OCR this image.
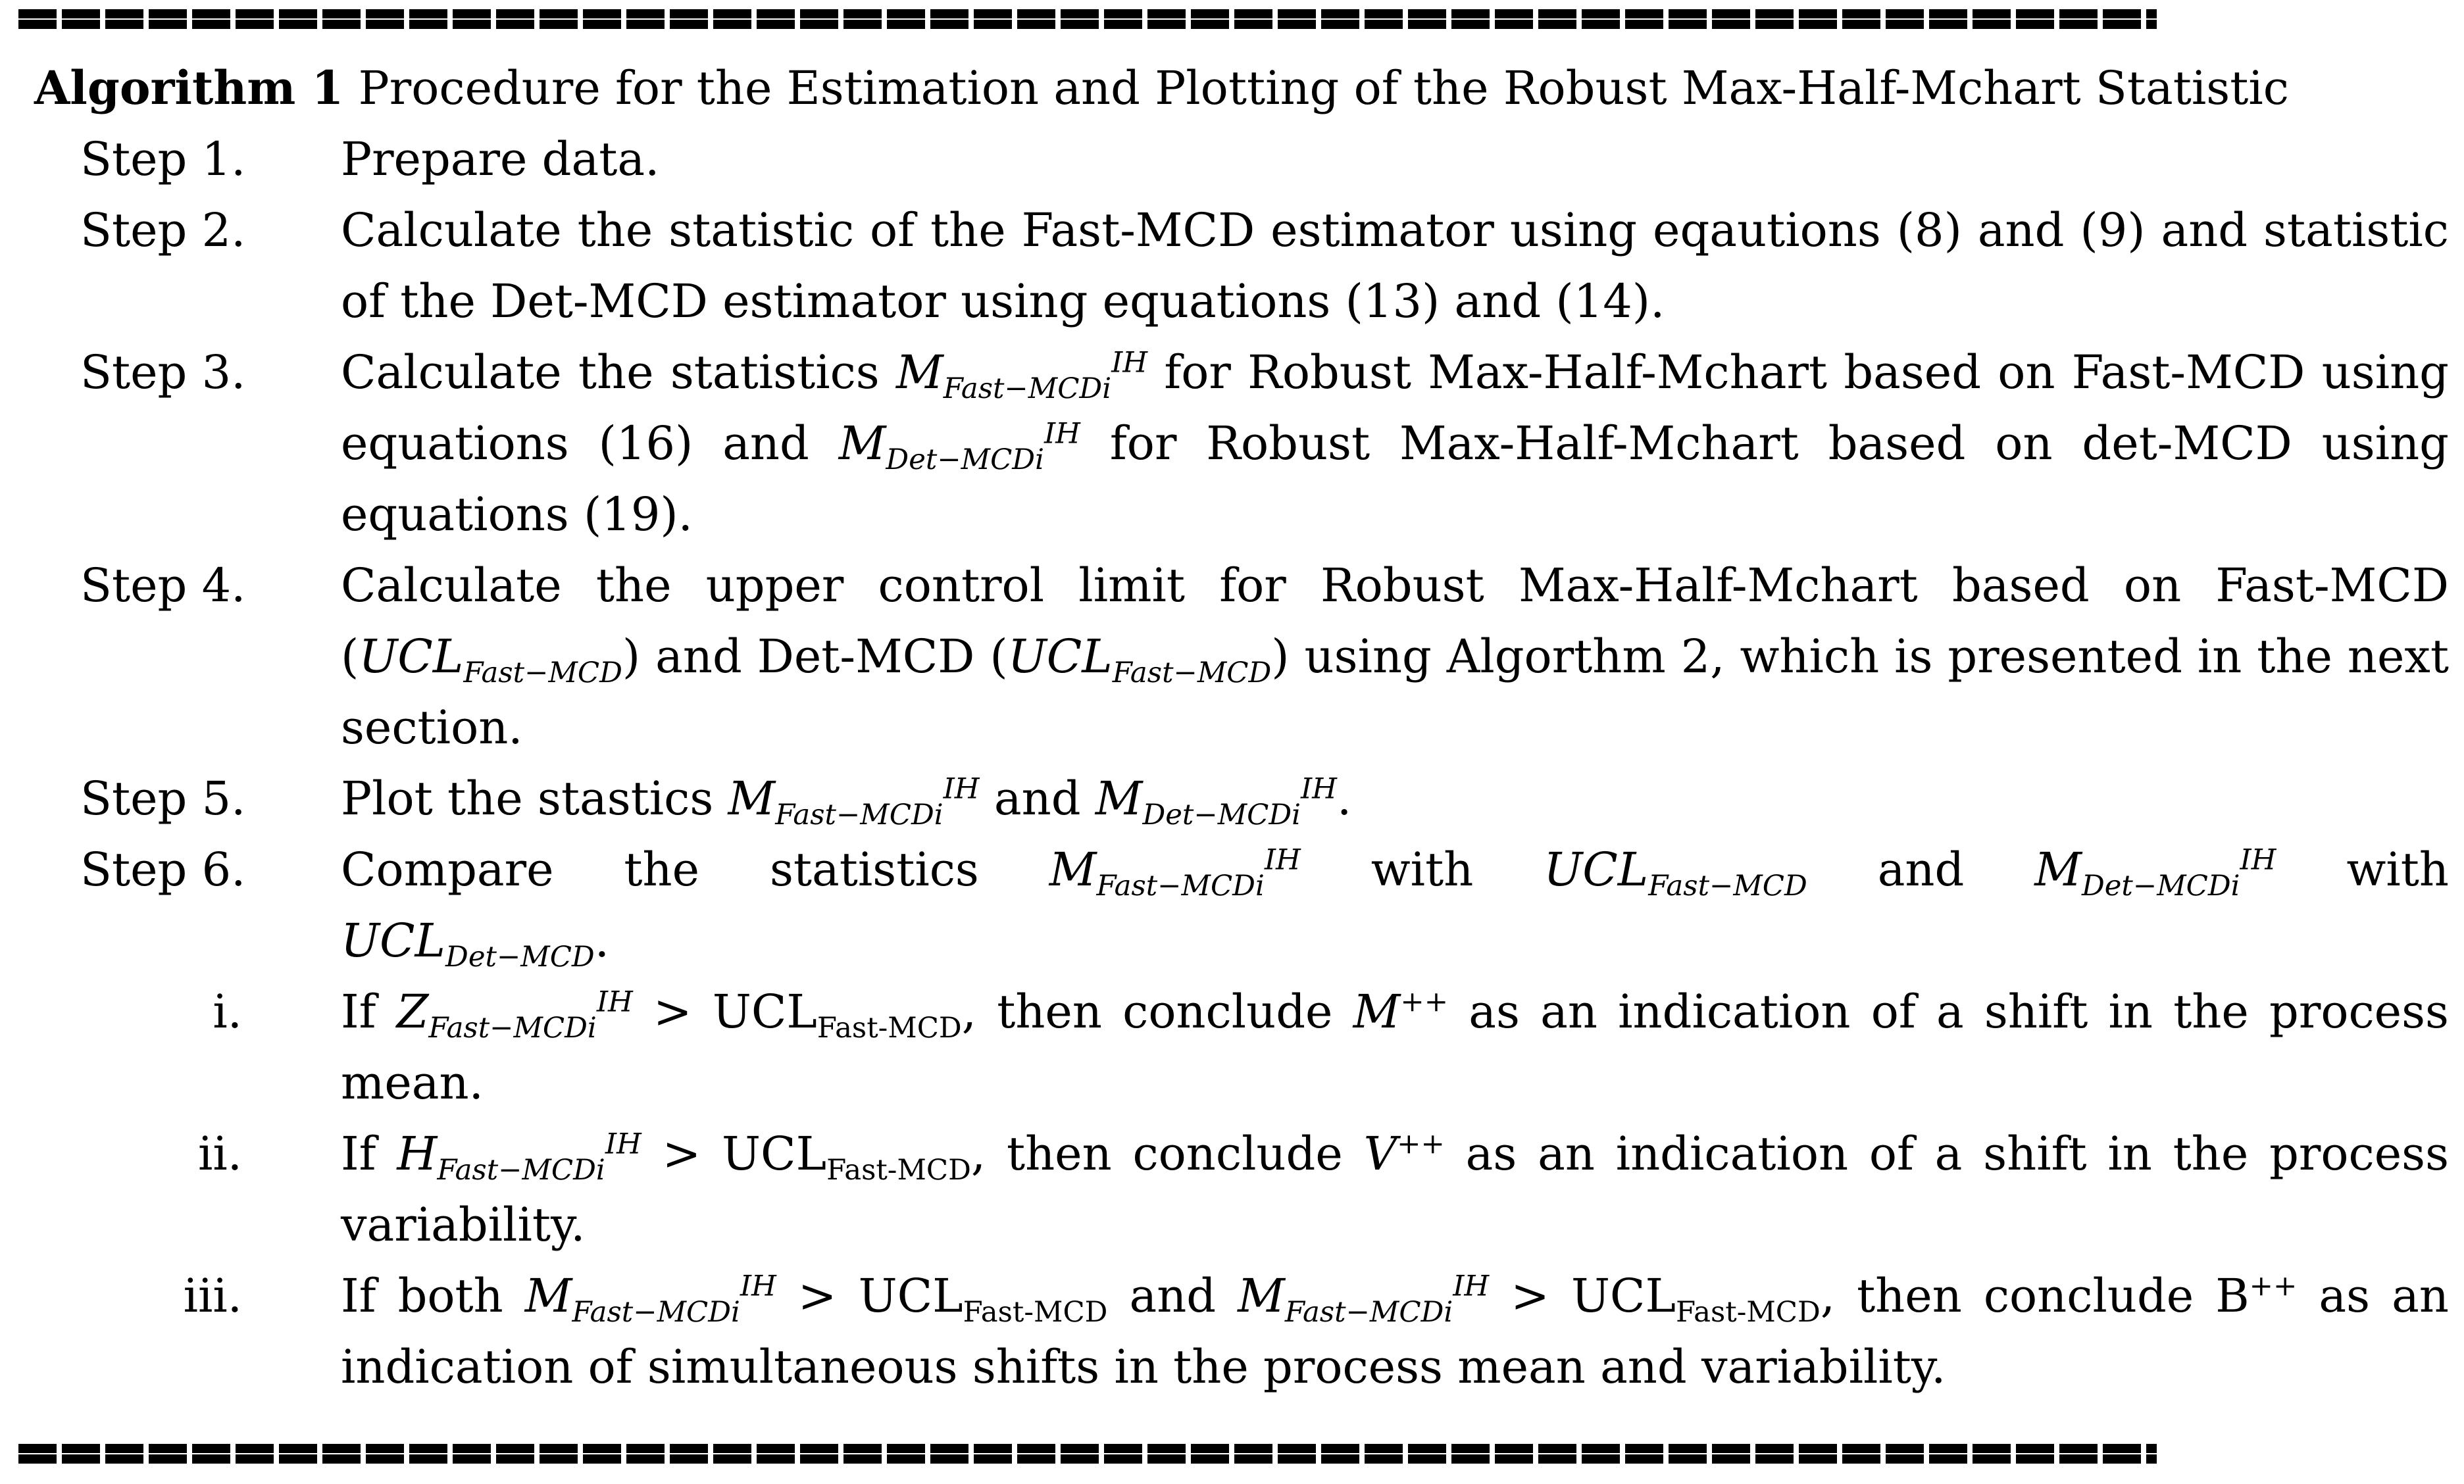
Algorithm 1 Procedure for the Estimation and Plotting of the Robust Max-Half-Mchart Statistic
Step 1.	Prepare data.
Step 2.	Calculate the statistic of the Fast-MCD estimator using eqautions (8) and (9) and statistic of the Det-MCD estimator using equations (13) and (14).
Step 3.	Calculate the statistics $M_{Fast-MCDi}^{IH}$ for Robust Max-Half-Mchart based on Fast-MCD using equations (16) and $M_{Det-MCDi}^{IH}$ for Robust Max-Half-Mchart based on det-MCD using equations (19).
Step 4.	Calculate the upper control limit for Robust Max-Half-Mchart based on Fast-MCD $(UCL_{Fast-MCD})$ and Det-MCD $(UCL_{Fast-MCD})$ using Algorthm 2, which is presented in the next section.
Step 5.	Plot the stastics $M_{Fast-MCDi}^{IH}$ and $M_{Det-MCDi}^{IH}$.
Step 6.	Compare the statistics $M_{Fast-MCDi}^{IH}$ with $UCL_{Fast-MCD}$ and $M_{Det-MCDi}^{IH}$ with $UCL_{Det-MCD}$.
i.	If $Z_{Fast-MCDi}^{IH} > UCL_{Fast-MCD}$, then conclude M++ as an indication of a shift in the process mean.
ii.	If $H_{Fast-MCDi}^{IH} > UCL_{Fast-MCD}$, then conclude V++ as an indication of a shift in the process variability.
iii.	If both $M_{Fast-MCDi}^{IH} > UCL_{Fast-MCD}$ and $M_{Fast-MCDi}^{IH} > UCL_{Fast-MCD}$, then conclude B++ as an indication of simultaneous shifts in the process mean and variability.
